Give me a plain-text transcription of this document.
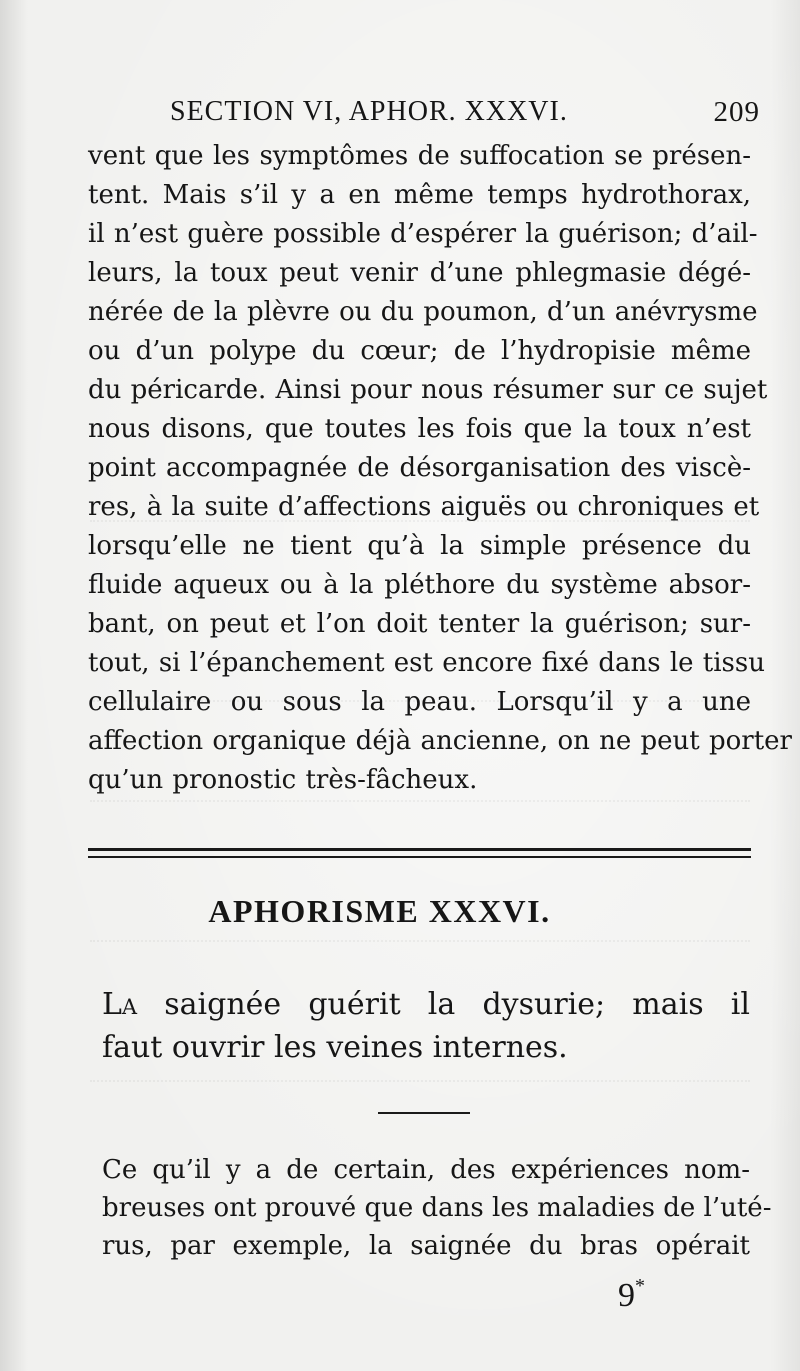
SECTION VI, APHOR. XXXVI.	209
vent que les symptômes de suffocation se présen-
tent. Mais s’il y a en même temps hydrothorax,
il n’est guère possible d’espérer la guérison; d’ail-
leurs, la toux peut venir d’une phlegmasie dégé-
nérée de la plèvre ou du poumon, d’un anévrysme
ou d’un polype du cœur; de l’hydropisie même
du péricarde. Ainsi pour nous résumer sur ce sujet
nous disons, que toutes les fois que la toux n’est
point accompagnée de désorganisation des viscè-
res, à la suite d’affections aiguës ou chroniques et
lorsqu’elle ne tient qu’à la simple présence du
fluide aqueux ou à la pléthore du système absor-
bant, on peut et l’on doit tenter la guérison; sur-
tout, si l’épanchement est encore fixé dans le tissu
cellulaire ou sous la peau. Lorsqu’il y a une
affection organique déjà ancienne, on ne peut porter
qu’un pronostic très-fâcheux.
APHORISME XXXVI.
La saignée guérit la dysurie; mais il
faut ouvrir les veines internes.
Ce qu’il y a de certain, des expériences nom-
breuses ont prouvé que dans les maladies de l’uté-
rus, par exemple, la saignée du bras opérait
9*
